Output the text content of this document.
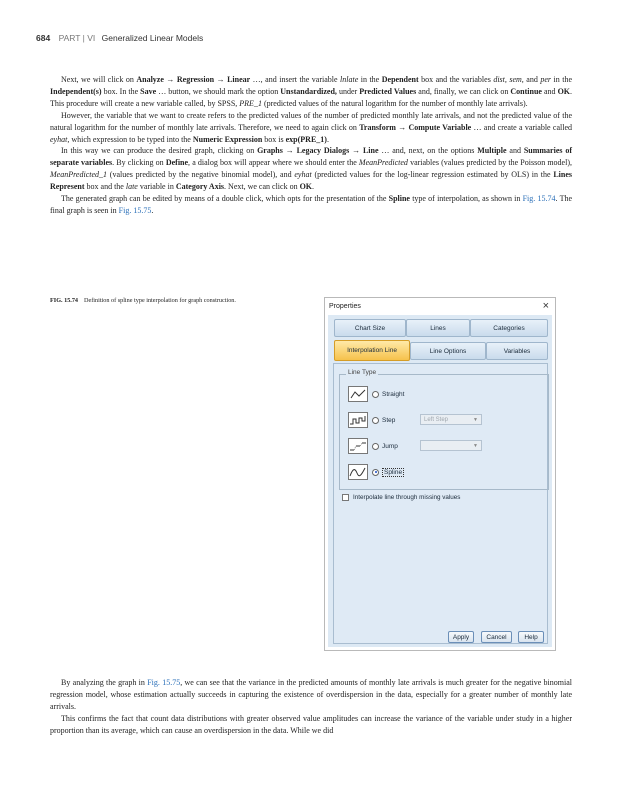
684 PART | VI Generalized Linear Models

Next, we will click on Analyze → Regression → Linear …, and insert the variable lnlate in the Dependent box and the variables dist, sem, and per in the Independent(s) box. In the Save … button, we should mark the option Unstandardized, under Predicted Values and, finally, we can click on Continue and OK. This procedure will create a new variable called, by SPSS, PRE_1 (predicted values of the natural logarithm for the number of monthly late arrivals).

However, the variable that we want to create refers to the predicted values of the number of predicted monthly late arrivals, and not the predicted value of the natural logarithm for the number of monthly late arrivals. Therefore, we need to again click on Transform → Compute Variable … and create a variable called eyhat, which expression to be typed into the Numeric Expression box is exp(PRE_1).

In this way we can produce the desired graph, clicking on Graphs → Legacy Dialogs → Line … and, next, on the options Multiple and Summaries of separate variables. By clicking on Define, a dialog box will appear where we should enter the MeanPredicted variables (values predicted by the Poisson model), MeanPredicted_1 (values predicted by the negative binomial model), and eyhat (predicted values for the log-linear regression estimated by OLS) in the Lines Represent box and the late variable in Category Axis. Next, we can click on OK.

The generated graph can be edited by means of a double click, which opts for the presentation of the Spline type of interpolation, as shown in Fig. 15.74. The final graph is seen in Fig. 15.75.

FIG. 15.74 Definition of spline type interpolation for graph construction.
Properties	×
Chart Size	Lines	Categories
Interpolation Line	Line Options	Variables
Line Type
Straight
Step	Left Step	▼
Jump	▼
Spline
Interpolate line through missing values
Apply	Cancel	Help

By analyzing the graph in Fig. 15.75, we can see that the variance in the predicted amounts of monthly late arrivals is much greater for the negative binomial regression model, whose estimation actually succeeds in capturing the existence of overdispersion in the data, especially for a greater number of monthly late arrivals.

This confirms the fact that count data distributions with greater observed value amplitudes can increase the variance of the variable under study in a higher proportion than its average, which can cause an overdispersion in the data. While we did
